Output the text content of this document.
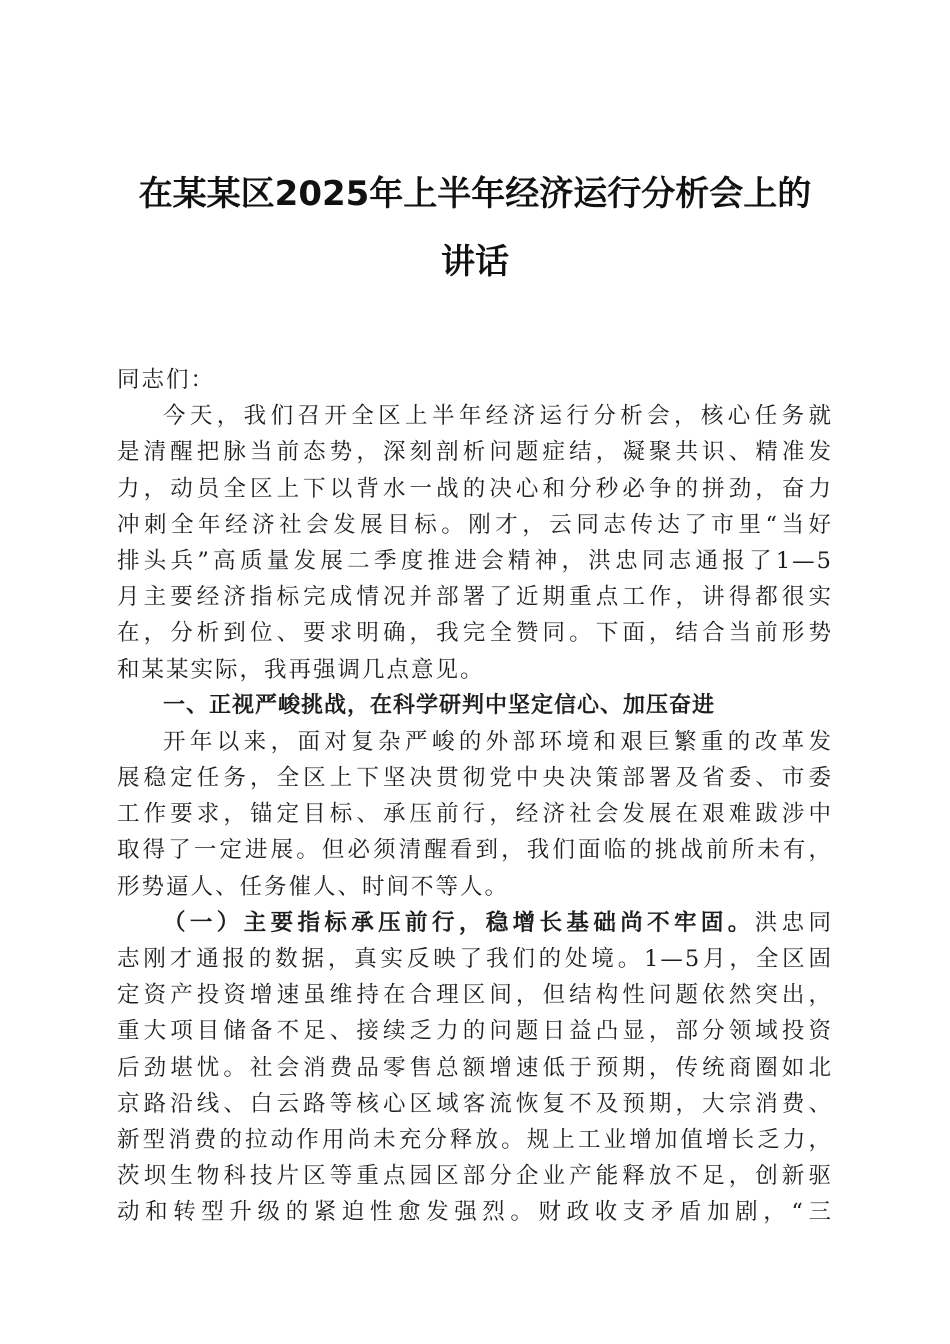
在某某区2025年上半年经济运行分析会上的
讲话
同志们：
今天，我们召开全区上半年经济运行分析会，核心任务就
是清醒把脉当前态势，深刻剖析问题症结，凝聚共识、精准发
力，动员全区上下以背水一战的决心和分秒必争的拼劲，奋力
冲刺全年经济社会发展目标。刚才，云同志传达了市里“当好
排头兵”高质量发展二季度推进会精神，洪忠同志通报了1—5
月主要经济指标完成情况并部署了近期重点工作，讲得都很实
在，分析到位、要求明确，我完全赞同。下面，结合当前形势
和某某实际，我再强调几点意见。
一、正视严峻挑战，在科学研判中坚定信心、加压奋进
开年以来，面对复杂严峻的外部环境和艰巨繁重的改革发
展稳定任务，全区上下坚决贯彻党中央决策部署及省委、市委
工作要求，锚定目标、承压前行，经济社会发展在艰难跋涉中
取得了一定进展。但必须清醒看到，我们面临的挑战前所未有，
形势逼人、任务催人、时间不等人。
（一）主要指标承压前行，稳增长基础尚不牢固。洪忠同
志刚才通报的数据，真实反映了我们的处境。1—5月，全区固
定资产投资增速虽维持在合理区间，但结构性问题依然突出，
重大项目储备不足、接续乏力的问题日益凸显，部分领域投资
后劲堪忧。社会消费品零售总额增速低于预期，传统商圈如北
京路沿线、白云路等核心区域客流恢复不及预期，大宗消费、
新型消费的拉动作用尚未充分释放。规上工业增加值增长乏力，
茨坝生物科技片区等重点园区部分企业产能释放不足，创新驱
动和转型升级的紧迫性愈发强烈。财政收支矛盾加剧，“三
